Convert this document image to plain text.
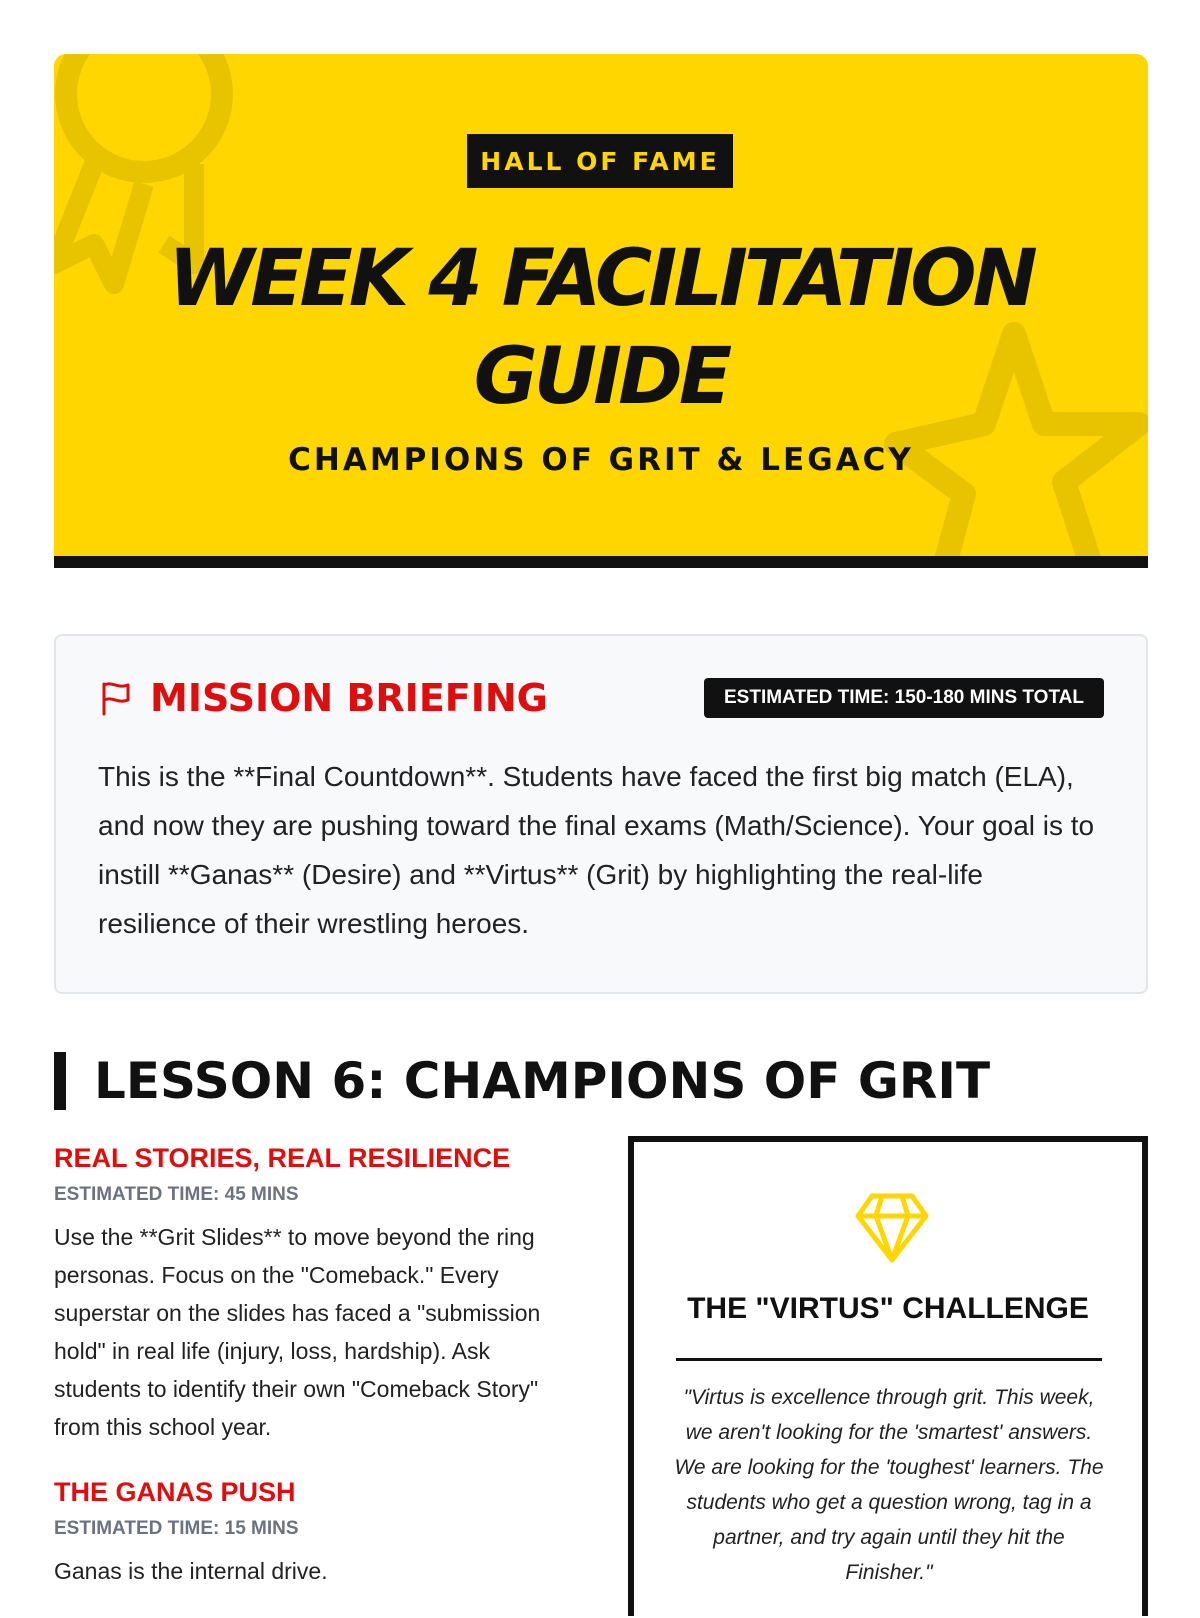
HALL OF FAME
WEEK 4 FACILITATION
GUIDE
CHAMPIONS OF GRIT & LEGACY
MISSION BRIEFING	ESTIMATED TIME: 150-180 MINS TOTAL

This is the **Final Countdown**. Students have faced the first big match (ELA), and now they are pushing toward the final exams (Math/Science). Your goal is to instill **Ganas** (Desire) and **Virtus** (Grit) by highlighting the real-life resilience of their wrestling heroes.

LESSON 6: CHAMPIONS OF GRIT
REAL STORIES, REAL RESILIENCE
ESTIMATED TIME: 45 MINS
Use the **Grit Slides** to move beyond the ring personas. Focus on the "Comeback." Every superstar on the slides has faced a "submission hold" in real life (injury, loss, hardship). Ask students to identify their own "Comeback Story" from this school year.
THE GANAS PUSH
ESTIMATED TIME: 15 MINS
Ganas is the internal drive.
THE "VIRTUS" CHALLENGE

"Virtus is excellence through grit. This week, we aren't looking for the 'smartest' answers. We are looking for the 'toughest' learners. The students who get a question wrong, tag in a partner, and try again until they hit the Finisher."
